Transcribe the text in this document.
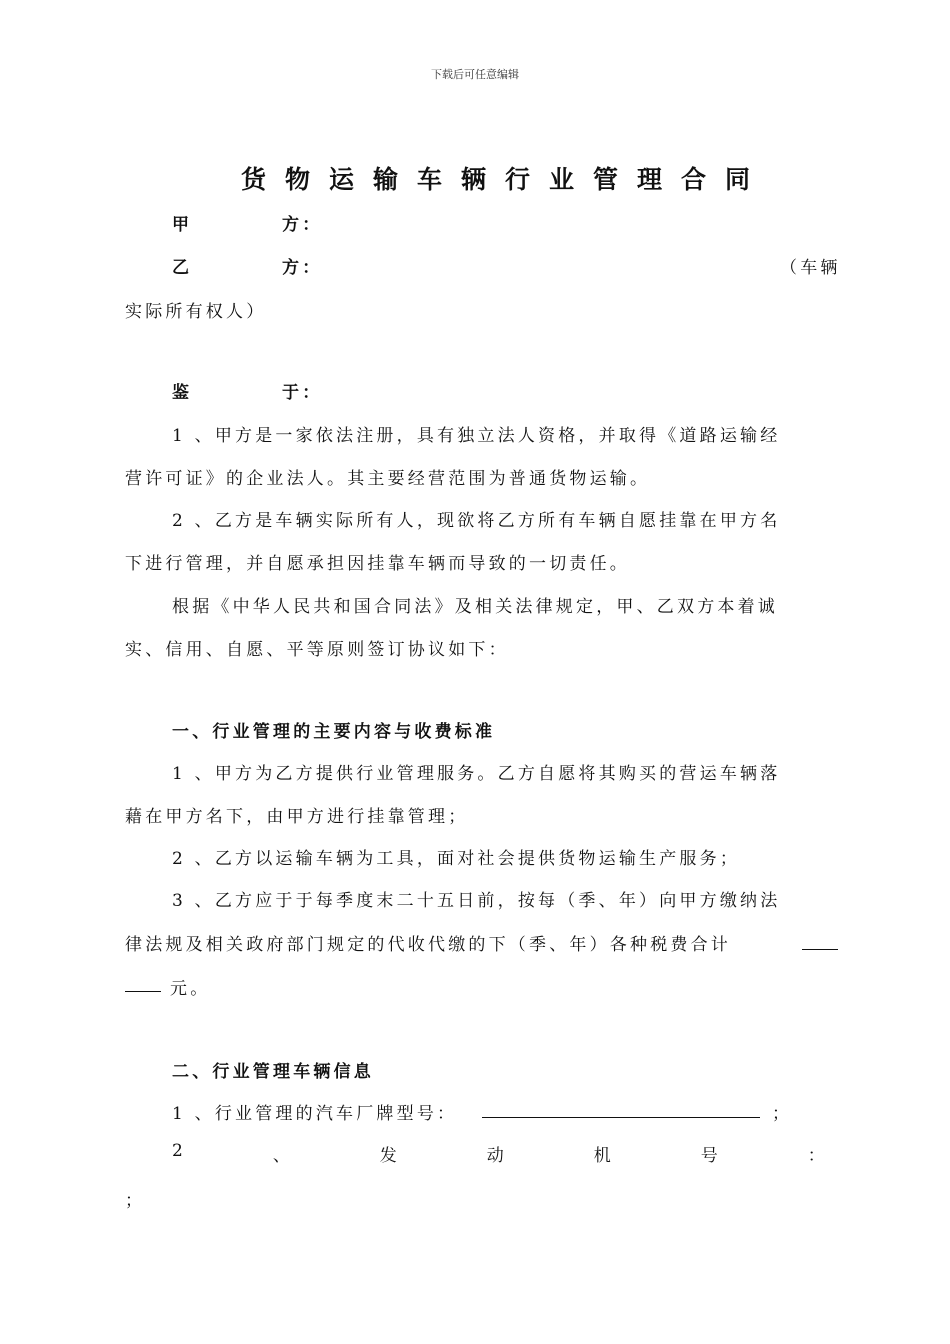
下载后可任意编辑
货物运输车辆行业管理合同
甲	方：
乙	方：	（车辆
实际所有权人）
鉴	于：
1 、甲方是一家依法注册，具有独立法人资格，并取得《道路运输经
营许可证》的企业法人。其主要经营范围为普通货物运输。
2 、乙方是车辆实际所有人，现欲将乙方所有车辆自愿挂靠在甲方名
下进行管理，并自愿承担因挂靠车辆而导致的一切责任。
根据《中华人民共和国合同法》及相关法律规定，甲、乙双方本着诚
实、信用、自愿、平等原则签订协议如下：
一、行业管理的主要内容与收费标准
1 、甲方为乙方提供行业管理服务。乙方自愿将其购买的营运车辆落
藉在甲方名下，由甲方进行挂靠管理；
2 、乙方以运输车辆为工具，面对社会提供货物运输生产服务；
3 、乙方应于于每季度末二十五日前，按每（季、年）向甲方缴纳法
律法规及相关政府部门规定的代收代缴的下（季、年）各种税费合计
元。
二、行业管理车辆信息
1 、行业管理的汽车厂牌型号：	；
2	、	发	动	机	号	：
；
